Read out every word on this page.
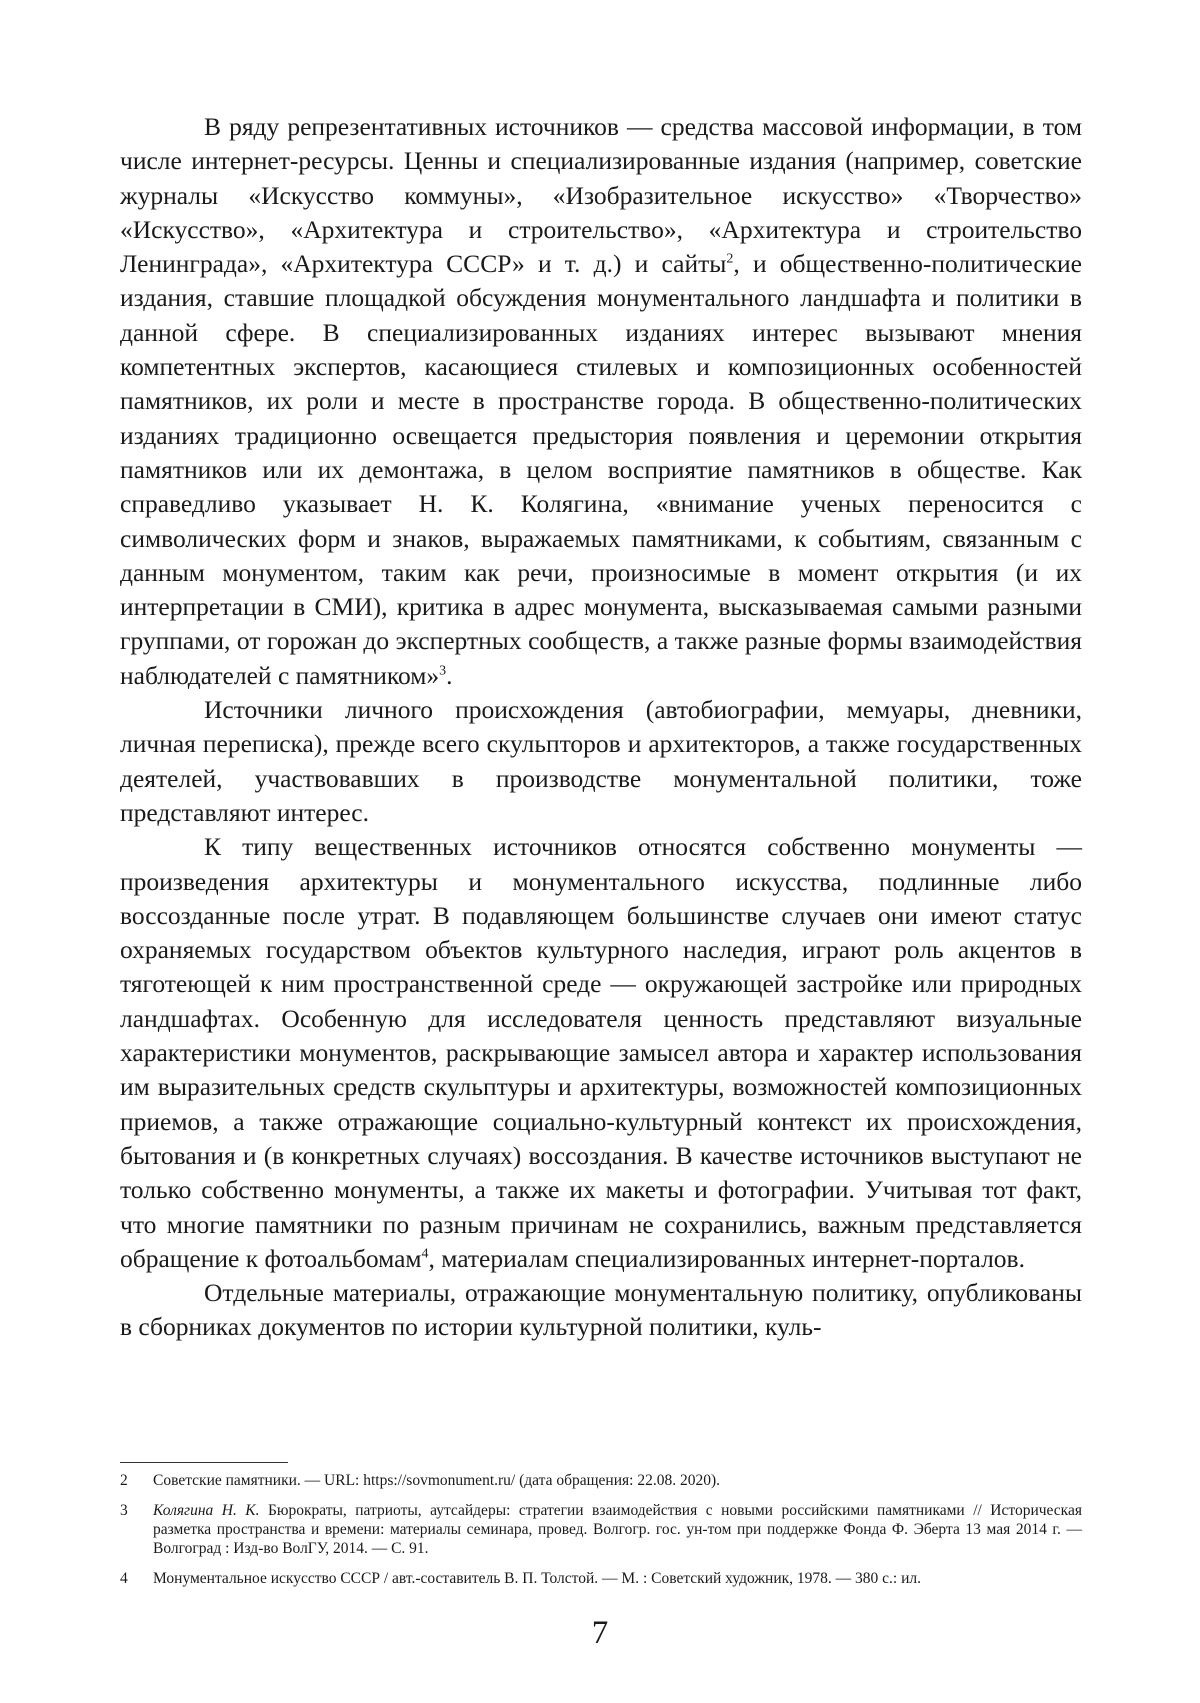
В ряду репрезентативных источников — средства массовой информации, в том числе интернет-ресурсы. Ценны и специализированные издания (например, советские журналы «Искусство коммуны», «Изобразительное искусство» «Творчество» «Искусство», «Архитектура и строительство», «Архитектура и строительство Ленинграда», «Архитектура СССР» и т. д.) и сайты$^2$, и общественно-политические издания, ставшие площадкой обсуждения монументального ландшафта и политики в данной сфере. В специализированных изданиях интерес вызывают мнения компетентных экспертов, касающиеся стилевых и композиционных особенностей памятников, их роли и месте в пространстве города. В общественно-политических изданиях традиционно освещается предыстория появления и церемонии открытия памятников или их демонтажа, в целом восприятие памятников в обществе. Как справедливо указывает Н. К. Колягина, «внимание ученых переносится с символических форм и знаков, выражаемых памятниками, к событиям, связанным с данным монументом, таким как речи, произносимые в момент открытия (и их интерпретации в СМИ), критика в адрес монумента, высказываемая самыми разными группами, от горожан до экспертных сообществ, а также разные формы взаимодействия наблюдателей с памятником»$^3$.

Источники личного происхождения (автобиографии, мемуары, дневники, личная переписка), прежде всего скульпторов и архитекторов, а также государственных деятелей, участвовавших в производстве монументальной политики, тоже представляют интерес.

К типу вещественных источников относятся собственно монументы — произведения архитектуры и монументального искусства, подлинные либо воссозданные после утрат. В подавляющем большинстве случаев они имеют статус охраняемых государством объектов культурного наследия, играют роль акцентов в тяготеющей к ним пространственной среде — окружающей застройке или природных ландшафтах. Особенную для исследователя ценность представляют визуальные характеристики монументов, раскрывающие замысел автора и характер использования им выразительных средств скульптуры и архитектуры, возможностей композиционных приемов, а также отражающие социально-культурный контекст их происхождения, бытования и (в конкретных случаях) воссоздания. В качестве источников выступают не только собственно монументы, а также их макеты и фотографии. Учитывая тот факт, что многие памятники по разным причинам не сохранились, важным представляется обращение к фотоальбомам$^4$, материалам специализированных интернет-порталов.

Отдельные материалы, отражающие монументальную политику, опубликованы в сборниках документов по истории культурной политики, куль-

2	Советские памятники. — URL: https://sovmonument.ru/ (дата обращения: 22.08. 2020).
3	Колягина Н. К. Бюрократы, патриоты, аутсайдеры: стратегии взаимодействия с новыми российскими памятниками // Историческая разметка пространства и времени: материалы семинара, провед. Волгогр. гос. ун-том при поддержке Фонда Ф. Эберта 13 мая 2014 г. — Волгоград : Изд-во ВолГУ, 2014. — С. 91.
4	Монументальное искусство СССР / авт.-составитель В. П. Толстой. — М. : Советский художник, 1978. — 380 с.: ил.
7
